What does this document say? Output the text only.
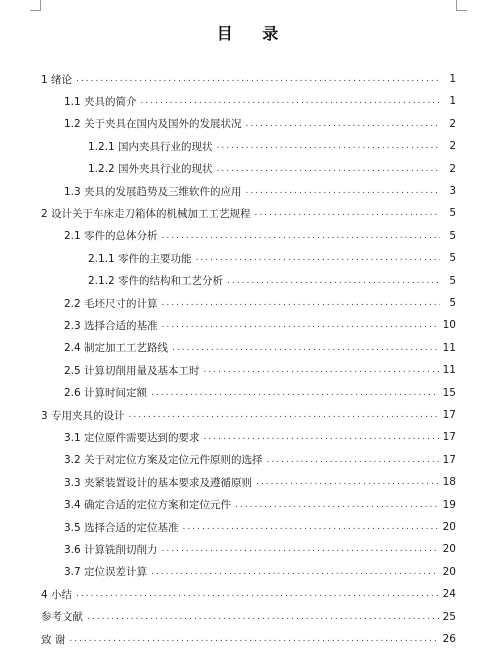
目 录
1 绪论 .....	1
1.1 夹具的简介 .....	1
1.2 关于夹具在国内及国外的发展状况 .....	2
1.2.1 国内夹具行业的现状 .....	2
1.2.2 国外夹具行业的现状 .....	2
1.3 夹具的发展趋势及三维软件的应用 .....	3
2 设计关于车床走刀箱体的机械加工工艺规程 .....	5
2.1 零件的总体分析 .....	5
2.1.1 零件的主要功能 .....	5
2.1.2 零件的结构和工艺分析 .....	5
2.2 毛坯尺寸的计算 .....	5
2.3 选择合适的基准 .....	10
2.4 制定加工工艺路线 .....	11
2.5 计算切削用量及基本工时 .....	11
2.6 计算时间定额 .....	15
3 专用夹具的设计 .....	17
3.1 定位原件需要达到的要求 .....	17
3.2 关于对定位方案及定位元件原则的选择 .....	17
3.3 夹紧装置设计的基本要求及遵循原则 .....	18
3.4 确定合适的定位方案和定位元件 .....	19
3.5 选择合适的定位基准 .....	20
3.6 计算铣削切削力 .....	20
3.7 定位误差计算 .....	20
4 小结 .....	24
参考文献 .....	25
致 谢 .....	26
